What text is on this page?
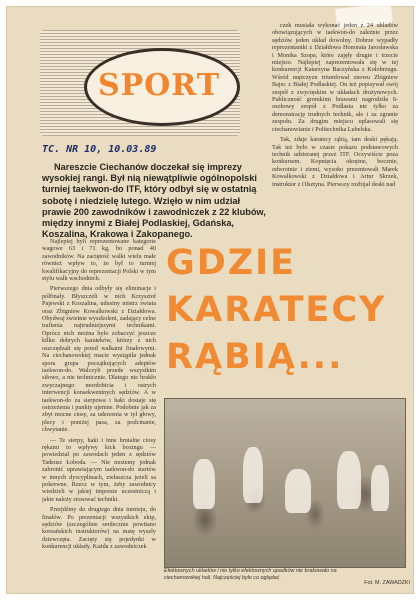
SPORT
TC. NR 10, 10.03.89
Nareszcie Ciechanów doczekał się imprezy wysokiej rangi. Był nią niewątpliwie ogólnopolski turniej taekwon-do ITF, który odbył się w ostatnią sobotę i niedzielę lutego. Wzięło w nim udział prawie 200 zawodników i zawodniczek z 22 klubów, między innymi z Białej Podlaskiej, Gdańska, Koszalina, Krakowa i Zakopanego.

czek musiała wykonać jeden z 24 układów obowiązujących w taekwon-do zależnie przez sędziów jeden układ dowolny. Dobrze wypadły reprezentantki z Działdowa Honorata Jarosławska i Monika Szopa, które zajęły drugie i trzecie miejsce. Najlepiej zaprezentowała się w tej konkurencji Katarzyna Baczyńska z Kołobrzegu. Wśród mężczyzn triumfował znowu Zbigniew Bajec z Białej Podlaskiej. On też popisywał swój zespół z zwycięskim w układach drużynowych. Publiczność gromkimi brawami nagrodziła 6-osobowy zespół z Podlasia nie tylko za demonstrację trudnych technik, ale i za zgranie zespołu. Za drugim miejscu uplasowali się ciechanowianie i Politechnika Lubelska.

Tak, zdaje karatecy rąbią, tam deski pękają. Tak też było w czasie pokazu podstawowych technik udzieranej przez ITF. Oczywiście poza konkursem. Kopnięcia okrężne, bocznie, odwrotnie i ziemi, wysoko prezentowali Marek Kowalkowski z Działdowa i Artur Skrzek, instruktor z Olsztyna. Pierwszy rozbijał deski nad

Najlepiej byli reprezentowane kategorie wagowe 63 i 71 kg, bo ponad 40 zawodników. Na zaciętość walki wielu małe również wpływ to, że był to turniej kwalifikacyjny do reprezentacji Polski w tym stylu walk wschodnich.

Pierwszego dnia odbyły się eliminacje i półfinały. Błyszczeli w nich Krzysztof Pajewski z Koszalina, udusiny mistrz świata oraz Zbigniew Kowalkowski z Działdowa. Obydwaj świetnie wyszkoleni, zadający celne trafienia najtrudniejszymi technikami. Oprócz nich można było zobaczyć jeszcze kilku dobrych karateków, którzy z nich oszczędzali się przed walkami finałowymi. Na ciechanowskiej macie wystąpiła jednak spora grupa początkujących adeptów taekwon-do. Walczyli przede wszystkim siłowo, a nie technicznie. Dlatego nie brakło zwyczajnego mordobicia i ostrych interwencji konsekwentnych sędziów. A w taekwon-do za sierpowa i haki dostaje się ostrzeżenia i punkty ujemne. Podobnie jak za zbyt mocne ciosy, za uderzenia w tył głowy, plecy i poniżej pasa, za podcinanie, chwytanie.

— Te sierpy, haki i inne brutalne ciosy rękami to wpływy kick boxingu — powiedział po zawodach jeden z sędziów Tadeusz Łoboda. — Nie możemy jednak zabronić uprawiającym taekwon-do startów w innych dyscyplinach, zwłaszcza jeżeli sa pokrewne. Rzecz w tym, żeby zawodnicy wiedzieli w jakiej imprezie uczestniczą i jakie należy stosować techniki.

Przejdźmy do drugiego dnia turnieju, do finałów. Po prezentacji wszystkich ekip, sędziów (szczególnie serdecznie powitano koreańskich instruktorów) na matę wyszły dziewczęta. Zacięty się pojedynki w konkurencji układy. Każda z zawodniczek

GDZIE
KARATECY
RĄBIĄ...
Efektownych układów i nie tylko efektownych upadków nie brakowało na ciechanowskiej hali. Najczęściej było co oglądać.
Fot. M. ZAWADZKI
